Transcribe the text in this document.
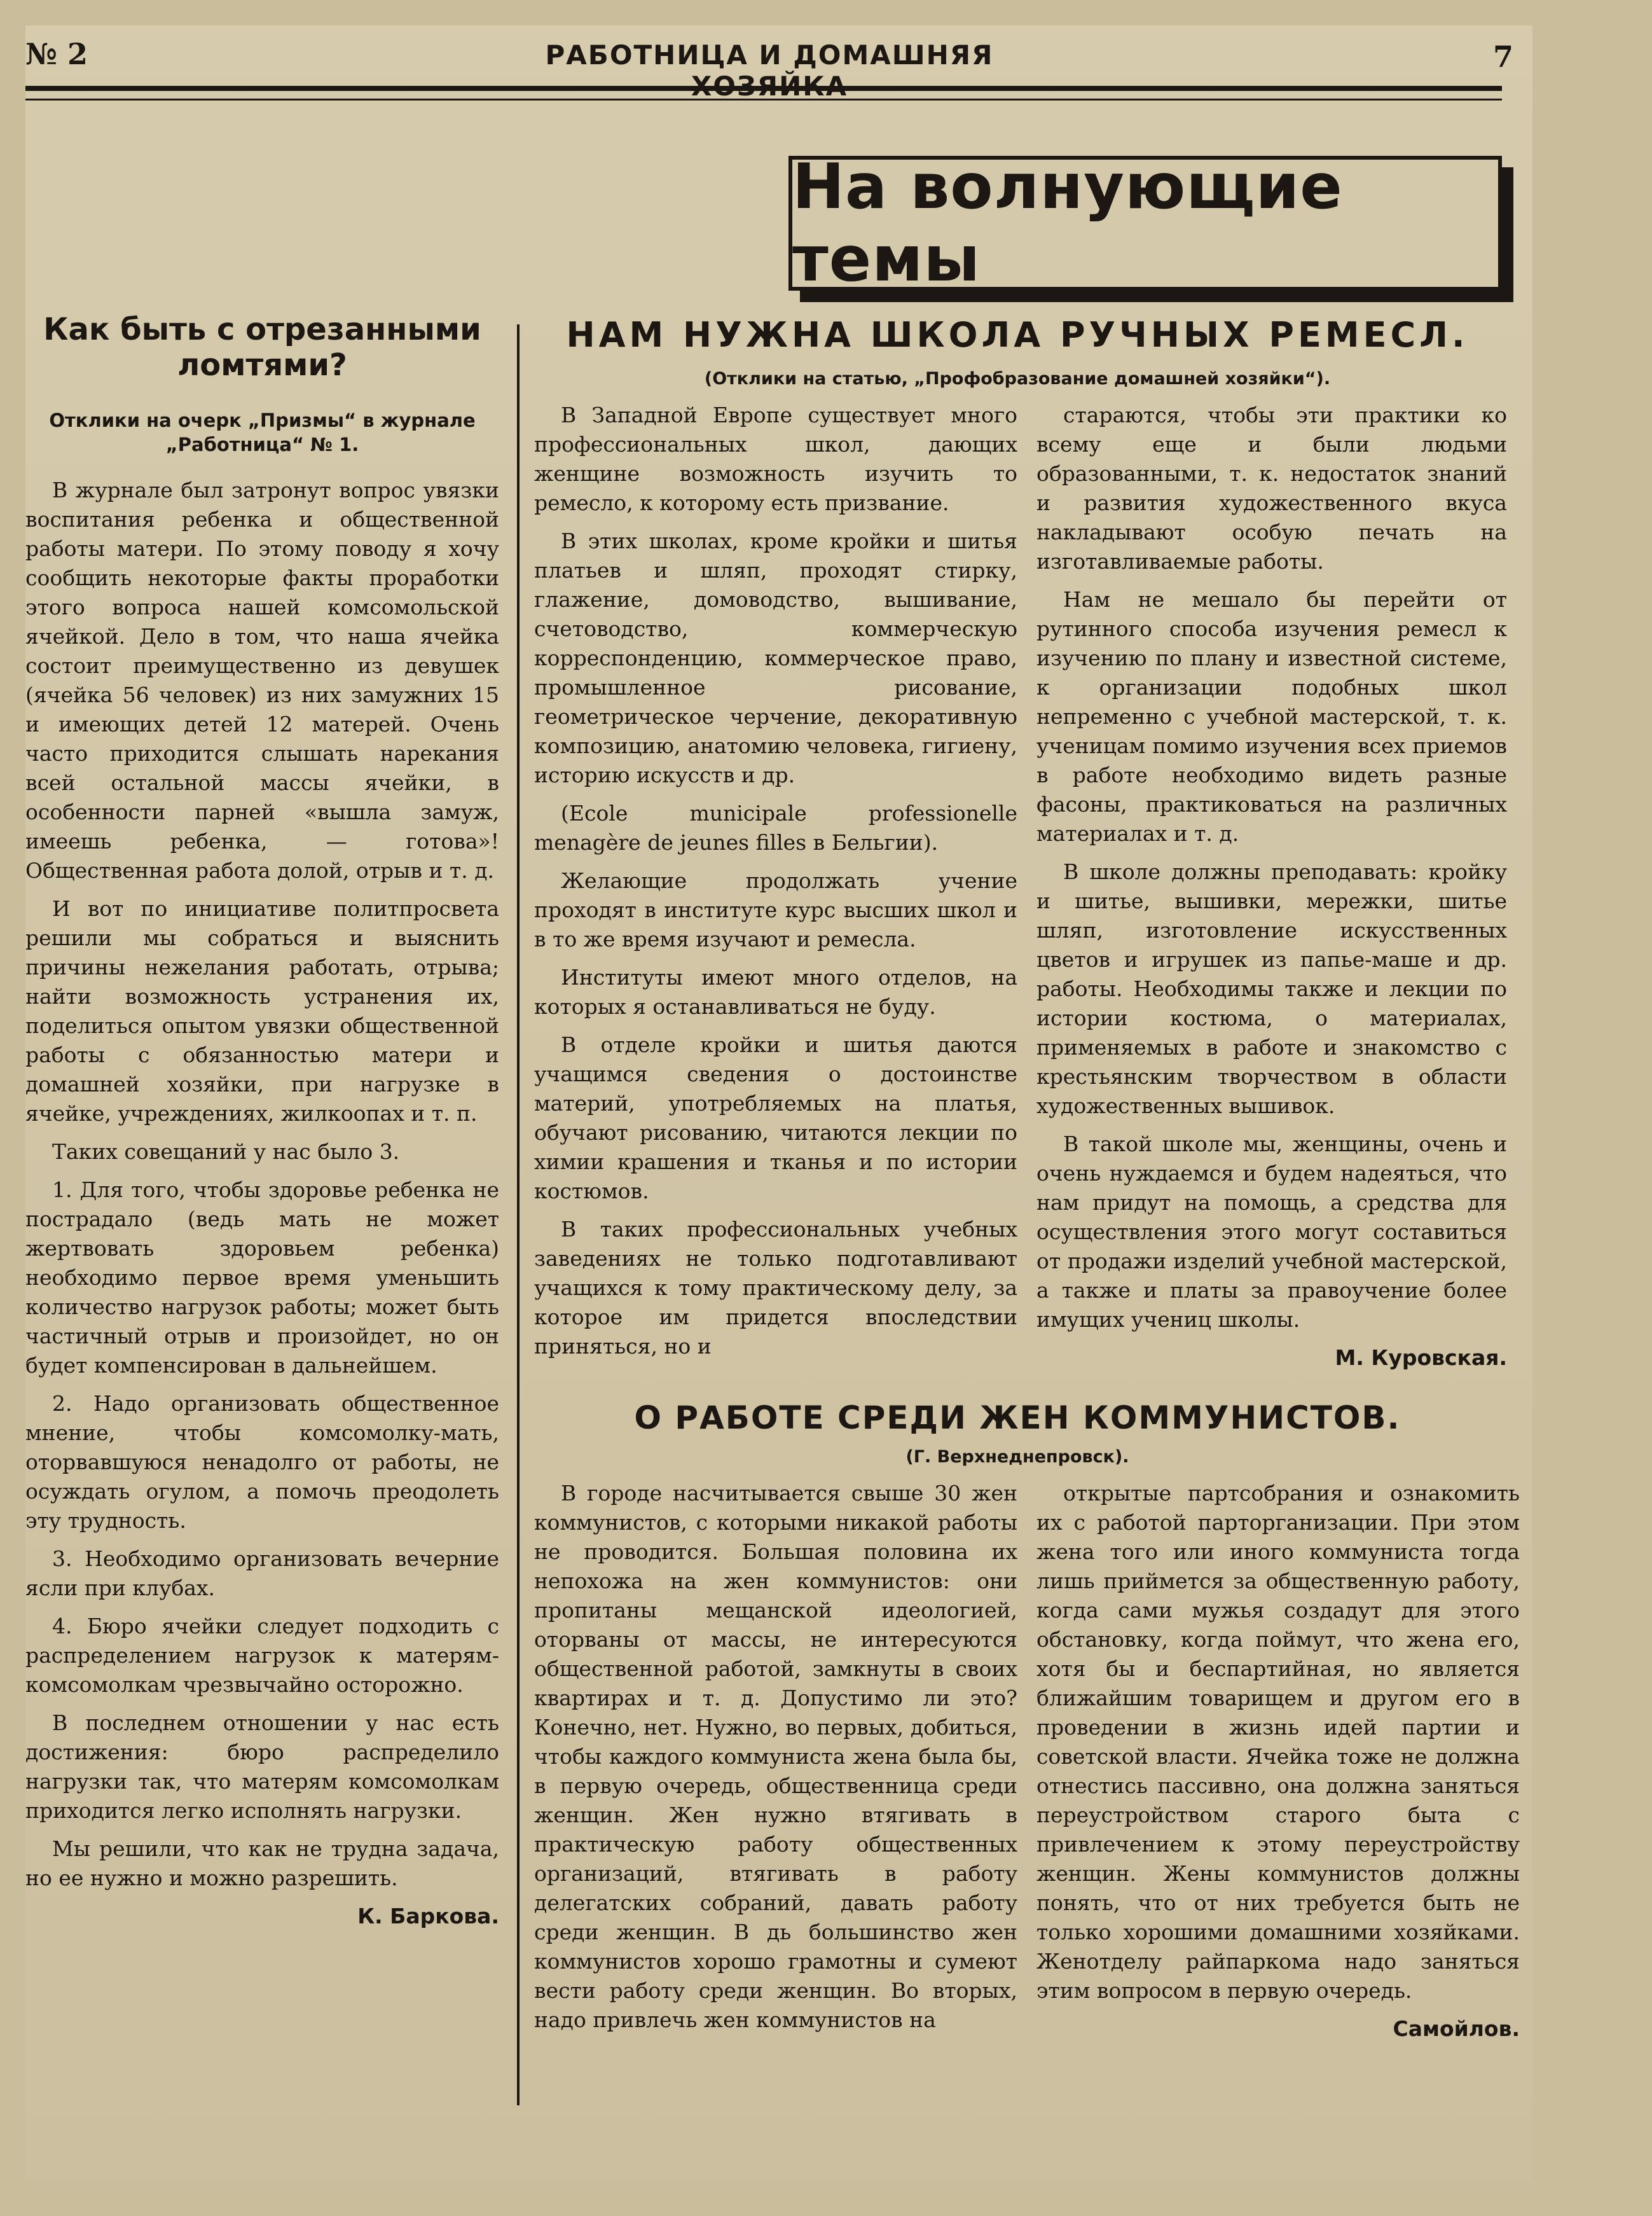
№ 2	РАБОТНИЦА И ДОМАШНЯЯ	7
На волнующие темы
Как быть с отрезанными ломтями?

Отклики на очерк „Призмы“ в журнале „Работница“ № 1.

В журнале был затронут вопрос увязки воспитания ребенка и общественной работы матери. По этому поводу я хочу сообщить некоторые факты проработки этого вопроса нашей комсомольской ячейкой. Дело в том, что наша ячейка состоит преимущественно из девушек (ячейка 56 человек) из них замужних 15 и имеющих детей 12 матерей. Очень часто приходится слышать нарекания всей остальной массы ячейки, в особенности парней «вышла замуж, имеешь ребенка, — готова»! Общественная работа долой, отрыв и т. д.

И вот по инициативе политпросвета решили мы собраться и выяснить причины нежелания работать, отрыва; найти возможность устранения их, поделиться опытом увязки общественной работы с обязанностью матери и домашней хозяйки, при нагрузке в ячейке, учреждениях, жилкоопах и т. п.

Таких совещаний у нас было 3.

1. Для того, чтобы здоровье ребенка не пострадало (ведь мать не может жертвовать здоровьем ребенка) необходимо первое время уменьшить количество нагрузок работы; может быть частичный отрыв и произойдет, но он будет компенсирован в дальнейшем.

2. Надо организовать общественное мнение, чтобы комсомолку-мать, оторвавшуюся ненадолго от работы, не осуждать огулом, а помочь преодолеть эту трудность.

3. Необходимо организовать вечерние ясли при клубах.

4. Бюро ячейки следует подходить с распределением нагрузок к матерям-комсомолкам чрезвычайно осторожно.

В последнем отношении у нас есть достижения: бюро распределило нагрузки так, что матерям комсомолкам приходится легко исполнять нагрузки.

Мы решили, что как не трудна задача, но ее нужно и можно разрешить.

К. Баркова.

НАМ НУЖНА ШКОЛА РУЧНЫХ РЕМЕСЛ.
(Отклики на статью, „Профобразование домашней хозяйки“).

В Западной Европе существует много профессиональных школ, дающих женщине возможность изучить то ремесло, к которому есть призвание.

В этих школах, кроме кройки и шитья платьев и шляп, проходят стирку, глажение, домоводство, вышивание, счетоводство, коммерческую корреспонденцию, коммерческое право, промышленное рисование, геометрическое черчение, декоративную композицию, анатомию человека, гигиену, историю искусств и др.

(Ecole municipale professionelle menagère de jeunes filles в Бельгии).

Желающие продолжать учение проходят в институте курс высших школ и в то же время изучают и ремесла.

Институты имеют много отделов, на которых я останавливаться не буду.

В отделе кройки и шитья даются учащимся сведения о достоинстве материй, употребляемых на платья, обучают рисованию, читаются лекции по химии крашения и тканья и по истории костюмов.

В таких профессиональных учебных заведениях не только подготавливают учащихся к тому практическому делу, за которое им придется впоследствии приняться, но и

стараются, чтобы эти практики ко всему еще и были людьми образованными, т. к. недостаток знаний и развития художественного вкуса накладывают особую печать на изготавливаемые работы.

Нам не мешало бы перейти от рутинного способа изучения ремесл к изучению по плану и известной системе, к организации подобных школ непременно с учебной мастерской, т. к. ученицам помимо изучения всех приемов в работе необходимо видеть разные фасоны, практиковаться на различных материалах и т. д.

В школе должны преподавать: кройку и шитье, вышивки, мережки, шитье шляп, изготовление искусственных цветов и игрушек из папье-маше и др. работы. Необходимы также и лекции по истории костюма, о материалах, применяемых в работе и знакомство с крестьянским творчеством в области художественных вышивок.

В такой школе мы, женщины, очень и очень нуждаемся и будем надеяться, что нам придут на помощь, а средства для осуществления этого могут составиться от продажи изделий учебной мастерской, а также и платы за правоучение более имущих учениц школы.

М. Куровская.

О РАБОТЕ СРЕДИ ЖЕН КОММУНИСТОВ.
(Г. Верхнеднепровск).

В городе насчитывается свыше 30 жен коммунистов, с которыми никакой работы не проводится. Большая половина их непохожа на жен коммунистов: они пропитаны мещанской идеологией, оторваны от массы, не интересуются общественной работой, замкнуты в своих квартирах и т. д. Допустимо ли это? Конечно, нет. Нужно, во первых, добиться, чтобы каждого коммуниста жена была бы, в первую очередь, общественница среди женщин. Жен нужно втягивать в практическую работу общественных организаций, втягивать в работу делегатских собраний, давать работу среди женщин. В дь большинство жен коммунистов хорошо грамотны и сумеют вести работу среди женщин. Во вторых, надо привлечь жен коммунистов на

открытые партсобрания и ознакомить их с работой парторганизации. При этом жена того или иного коммуниста тогда лишь приймется за общественную работу, когда сами мужья создадут для этого обстановку, когда поймут, что жена его, хотя бы и беспартийная, но является ближайшим товарищем и другом его в проведении в жизнь идей партии и советской власти. Ячейка тоже не должна отнестись пассивно, она должна заняться переустройством старого быта с привлечением к этому переустройству женщин. Жены коммунистов должны понять, что от них требуется быть не только хорошими домашними хозяйками. Женотделу райпаркома надо заняться этим вопросом в первую очередь.

Самойлов.
